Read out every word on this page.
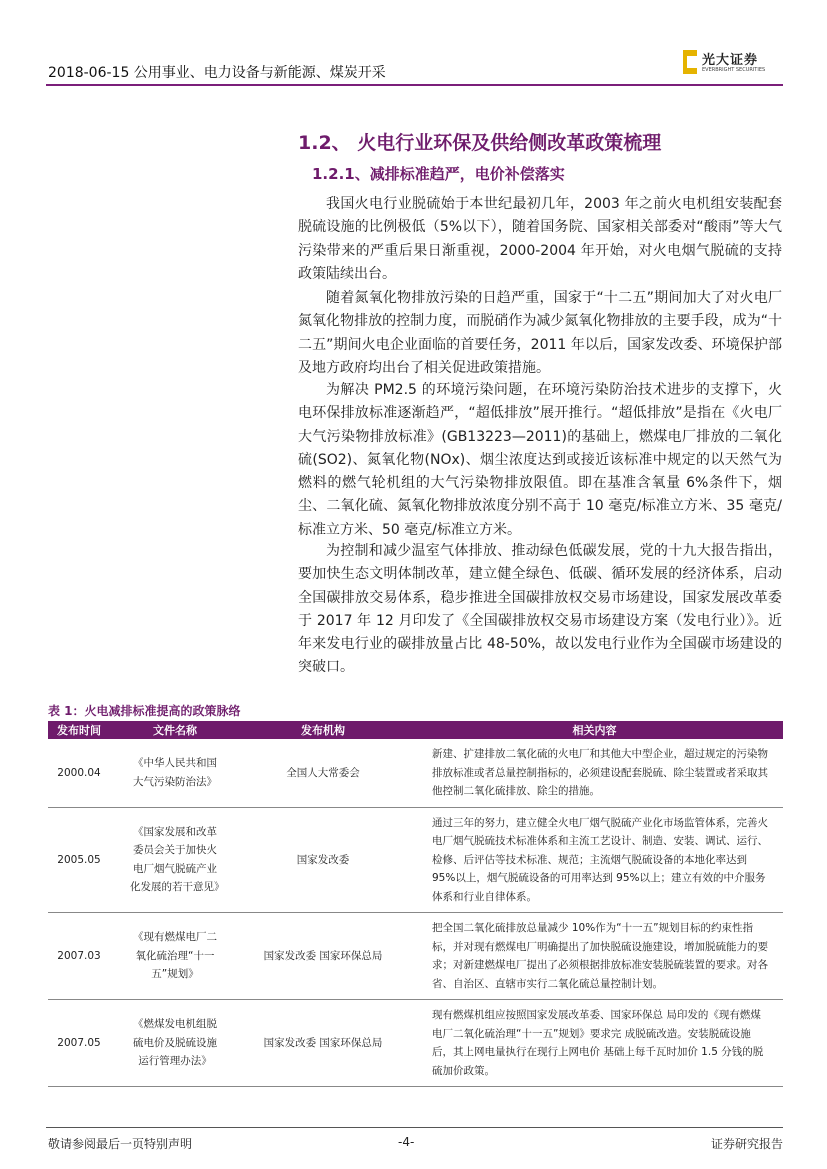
2018-06-15 公用事业、电力设备与新能源、煤炭开采
光大证券
EVERBRIGHT SECURITIES
1.2、 火电行业环保及供给侧改革政策梳理
1.2.1、减排标准趋严，电价补偿落实

我国火电行业脱硫始于本世纪最初几年，2003 年之前火电机组安装配套脱硫设施的比例极低（5%以下），随着国务院、国家相关部委对“酸雨”等大气污染带来的严重后果日渐重视，2000-2004 年开始，对火电烟气脱硫的支持政策陆续出台。

随着氮氧化物排放污染的日趋严重，国家于“十二五”期间加大了对火电厂氮氧化物排放的控制力度，而脱硝作为减少氮氧化物排放的主要手段，成为“十二五”期间火电企业面临的首要任务，2011 年以后，国家发改委、环境保护部及地方政府均出台了相关促进政策措施。

为解决 PM2.5 的环境污染问题，在环境污染防治技术进步的支撑下，火电环保排放标准逐渐趋严，“超低排放”展开推行。“超低排放”是指在《火电厂大气污染物排放标准》(GB13223—2011)的基础上，燃煤电厂排放的二氧化硫(SO2)、氮氧化物(NOx)、烟尘浓度达到或接近该标准中规定的以天然气为燃料的燃气轮机组的大气污染物排放限值。即在基准含氧量 6%条件下，烟尘、二氧化硫、氮氧化物排放浓度分别不高于 10 毫克/标准立方米、35 毫克/标准立方米、50 毫克/标准立方米。

为控制和减少温室气体排放、推动绿色低碳发展，党的十九大报告指出，要加快生态文明体制改革，建立健全绿色、低碳、循环发展的经济体系，启动全国碳排放交易体系，稳步推进全国碳排放权交易市场建设，国家发展改革委于 2017 年 12 月印发了《全国碳排放权交易市场建设方案（发电行业）》。近年来发电行业的碳排放量占比 48-50%，故以发电行业作为全国碳市场建设的突破口。

表 1：火电减排标准提高的政策脉络
发布时间	文件名称	发布机构	相关内容
2000.04	《中华人民共和国大气污染防治法》	全国人大常委会	新建、扩建排放二氧化硫的火电厂和其他大中型企业，超过规定的污染物排放标准或者总量控制指标的，必须建设配套脱硫、除尘装置或者采取其他控制二氧化硫排放、除尘的措施。
2005.05	《国家发展和改革委员会关于加快火电厂烟气脱硫产业化发展的若干意见》	国家发改委	通过三年的努力，建立健全火电厂烟气脱硫产业化市场监管体系，完善火电厂烟气脱硫技术标准体系和主流工艺设计、制造、安装、调试、运行、检修、后评估等技术标准、规范；主流烟气脱硫设备的本地化率达到 95%以上，烟气脱硫设备的可用率达到 95%以上；建立有效的中介服务体系和行业自律体系。
2007.03	《现有燃煤电厂二氧化硫治理“十一五”规划》	国家发改委 国家环保总局	把全国二氧化硫排放总量减少 10%作为“十一五”规划目标的约束性指标，并对现有燃煤电厂明确提出了加快脱硫设施建设，增加脱硫能力的要求；对新建燃煤电厂提出了必须根据排放标准安装脱硫装置的要求。对各省、自治区、直辖市实行二氧化硫总量控制计划。
2007.05	《燃煤发电机组脱硫电价及脱硫设施运行管理办法》	国家发改委 国家环保总局	现有燃煤机组应按照国家发展改革委、国家环保总 局印发的《现有燃煤电厂二氧化硫治理“十一五”规划》要求完 成脱硫改造。安装脱硫设施后，其上网电量执行在现行上网电价 基础上每千瓦时加价 1.5 分钱的脱硫加价政策。
敬请参阅最后一页特别声明	-4-	证券研究报告
